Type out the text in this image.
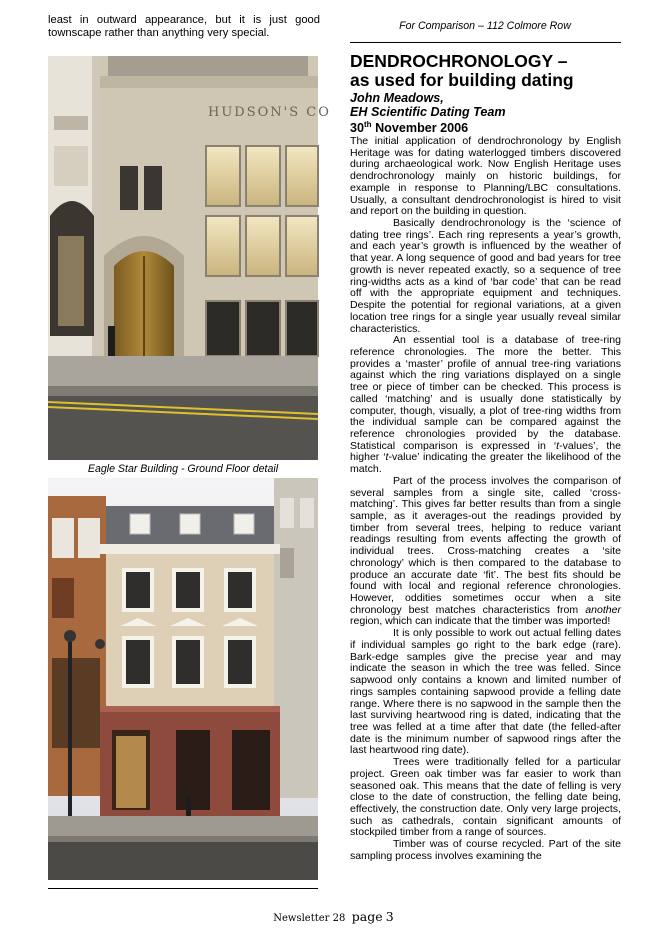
least in outward appearance, but it is just good townscape rather than anything very special.
For Comparison – 112 Colmore Row
HUDSON'S CO
Eagle Star Building - Ground Floor detail
DENDROCHRONOLOGY –
as used for building dating
John Meadows,
EH Scientific Dating Team
30th November 2006

The initial application of dendrochronology by English Heritage was for dating waterlogged timbers discovered during archaeological work. Now English Heritage uses dendrochronology mainly on historic buildings, for example in response to Planning/LBC consultations. Usually, a consultant dendrochronologist is hired to visit and report on the building in question.

Basically dendrochronology is the ‘science of dating tree rings’. Each ring represents a year’s growth, and each year’s growth is influenced by the weather of that year. A long sequence of good and bad years for tree growth is never repeated exactly, so a sequence of tree ring-widths acts as a kind of ‘bar code’ that can be read off with the appropriate equipment and techniques. Despite the potential for regional variations, at a given location tree rings for a single year usually reveal similar characteristics.

An essential tool is a database of tree-ring reference chronologies. The more the better. This provides a ‘master’ profile of annual tree-ring variations against which the ring variations displayed on a single tree or piece of timber can be checked. This process is called ‘matching’ and is usually done statistically by computer, though, visually, a plot of tree-ring widths from the individual sample can be compared against the reference chronologies provided by the database. Statistical comparison is expressed in ‘t-values’, the higher ‘t-value’ indicating the greater the likelihood of the match.

Part of the process involves the comparison of several samples from a single site, called ‘cross-matching’. This gives far better results than from a single sample, as it averages-out the readings provided by timber from several trees, helping to reduce variant readings resulting from events affecting the growth of individual trees. Cross-matching creates a ‘site chronology’ which is then compared to the database to produce an accurate date ‘fit’. The best fits should be found with local and regional reference chronologies. However, oddities sometimes occur when a site chronology best matches characteristics from another region, which can indicate that the timber was imported!

It is only possible to work out actual felling dates if individual samples go right to the bark edge (rare). Bark-edge samples give the precise year and may indicate the season in which the tree was felled. Since sapwood only contains a known and limited number of rings samples containing sapwood provide a felling date range. Where there is no sapwood in the sample then the last surviving heartwood ring is dated, indicating that the tree was felled at a time after that date (the felled-after date is the minimum number of sapwood rings after the last heartwood ring date).

Trees were traditionally felled for a particular project. Green oak timber was far easier to work than seasoned oak. This means that the date of felling is very close to the date of construction, the felling date being, effectively, the construction date. Only very large projects, such as cathedrals, contain significant amounts of stockpiled timber from a range of sources.

Timber was of course recycled. Part of the site sampling process involves examining the

Newsletter 28 page 3
